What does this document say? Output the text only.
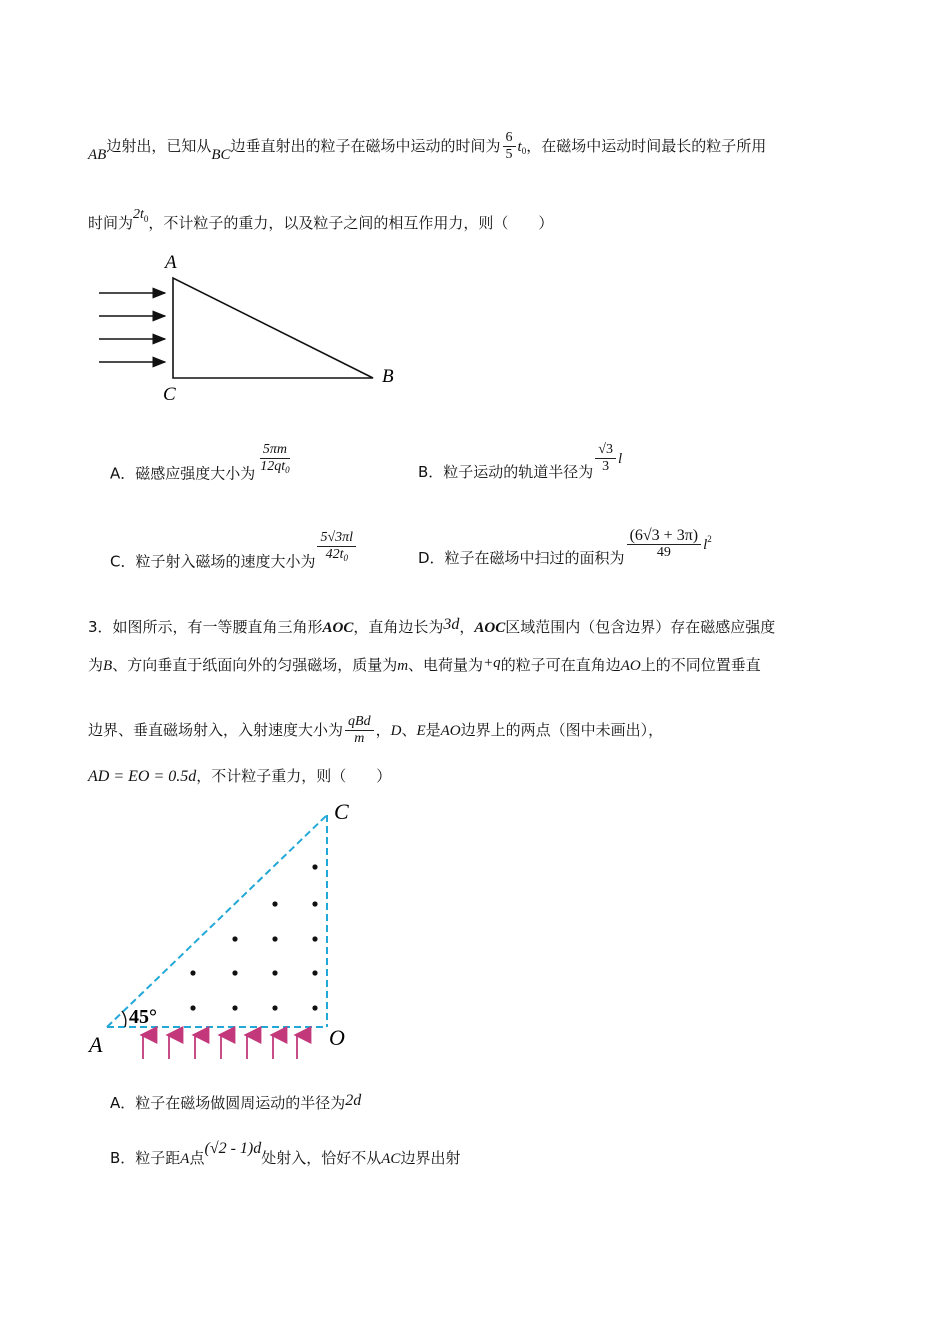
AB边射出，已知从BC边垂直射出的粒子在磁场中运动的时间为 $\frac{6}{5} t_0$，在磁场中运动时间最长的粒子所用
时间为$2t^0$，不计粒子的重力，以及粒子之间的相互作用力，则（　　）
A
B
C
A．磁感应强度大小为 $\frac{5\pi m}{12qt_0}$	B．粒子运动的轨道半径为 $\frac{√3}{3}$ l
C．粒子射入磁场的速度大小为 $\frac{5√3\pi l}{42t_0}$	D．粒子在磁场中扫过的面积为 $\frac{(6√3 + 3\pi)}{49} l^2$
3．如图所示，有一等腰直角三角形AOC，直角边长为3d，AOC区域范围内（包含边界）存在磁感应强度
为B、方向垂直于纸面向外的匀强磁场，质量为m、电荷量为+q的粒子可在直角边AO上的不同位置垂直
边界、垂直磁场射入，入射速度大小为 $\frac{\text{qBd}}{m}$ ，D、E是AO边界上的两点（图中未画出），
AD = EO = 0.5d，不计粒子重力，则（　　）
45°
A	O
C
A．粒子在磁场做圆周运动的半径为2d
B．粒子距A点(√2 - 1)d处射入，恰好不从AC边界出射
